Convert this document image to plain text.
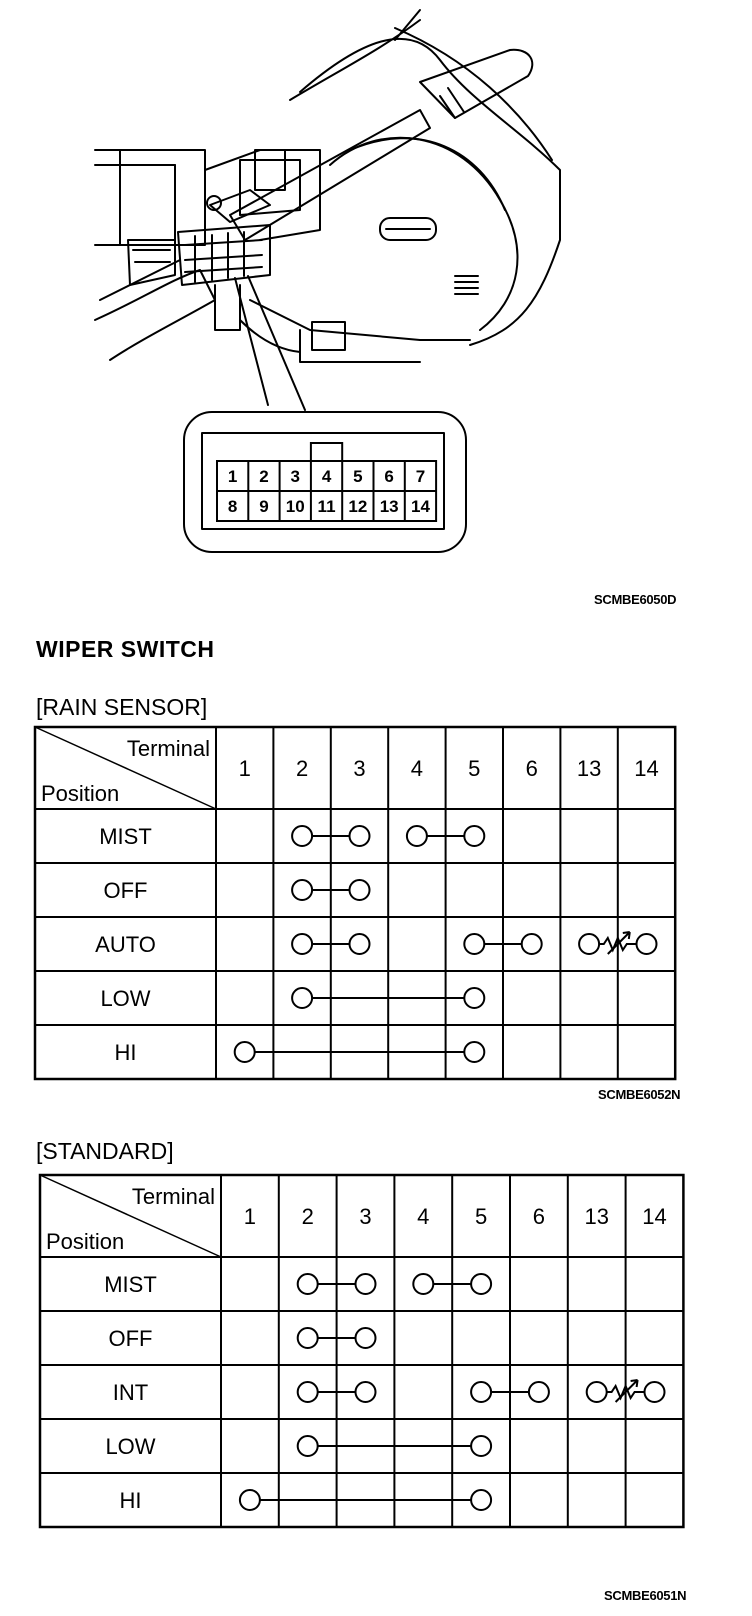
1 2 3 4 5 6 7
8 9 10 11 12 13 14
SCMBE6050D
WIPER SWITCH
[RAIN SENSOR]
Terminal
Position
1 2 3 4 5 6 13 14
MIST
OFF
AUTO
LOW
HI
SCMBE6052N
[STANDARD]
Terminal
Position
1 2 3 4 5 6 13 14
MIST
OFF
INT
LOW
HI
SCMBE6051N
